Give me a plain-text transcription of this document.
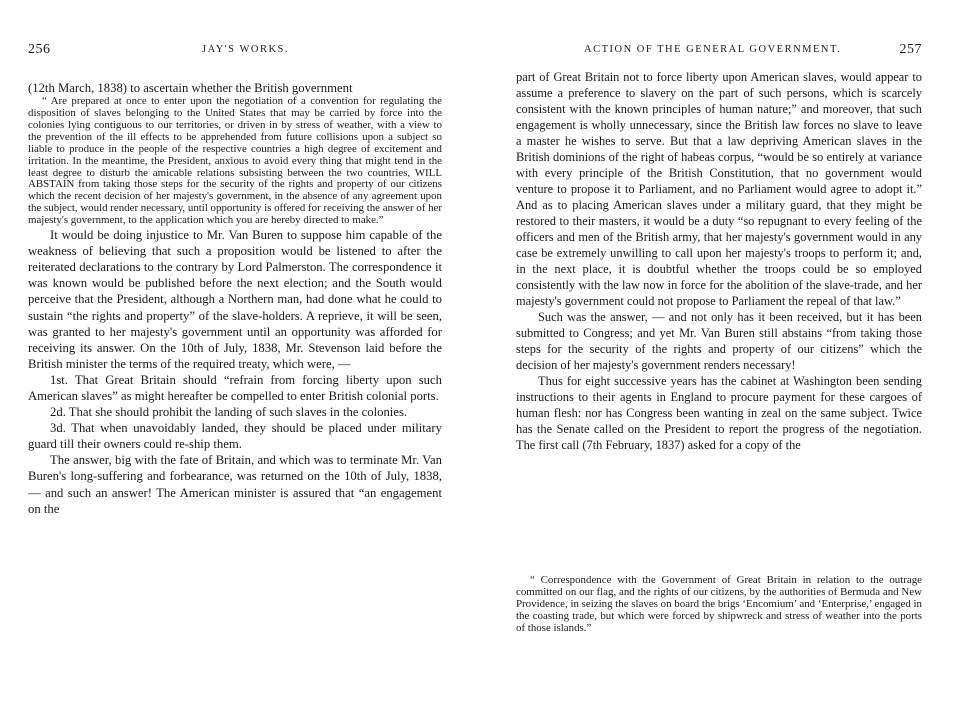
256	JAY'S WORKS.

(12th March, 1838) to ascertain whether the British government

“ Are prepared at once to enter upon the negotiation of a convention for regulating the disposition of slaves belonging to the United States that may be carried by force into the colonies lying contiguous to our territories, or driven in by stress of weather, with a view to the prevention of the ill effects to be apprehended from future collisions upon a subject so liable to produce in the people of the respective countries a high degree of excitement and irritation. In the meantime, the President, anxious to avoid every thing that might tend in the least degree to disturb the amicable relations subsisting between the two countries, WILL ABSTAIN from taking those steps for the security of the rights and property of our citizens which the recent decision of her majesty's government, in the absence of any agreement upon the subject, would render necessary, until opportunity is offered for receiving the answer of her majesty's government, to the application which you are hereby directed to make.”

It would be doing injustice to Mr. Van Buren to suppose him capable of the weakness of believing that such a proposition would be listened to after the reiterated declarations to the contrary by Lord Palmerston. The correspondence it was known would be published before the next election; and the South would perceive that the President, although a Northern man, had done what he could to sustain “the rights and property” of the slave-holders. A reprieve, it will be seen, was granted to her majesty's government until an opportunity was afforded for receiving its answer. On the 10th of July, 1838, Mr. Stevenson laid before the British minister the terms of the required treaty, which were, —

1st. That Great Britain should “refrain from forcing liberty upon such American slaves” as might hereafter be compelled to enter British colonial ports.

2d. That she should prohibit the landing of such slaves in the colonies.

3d. That when unavoidably landed, they should be placed under military guard till their owners could re-ship them.

The answer, big with the fate of Britain, and which was to terminate Mr. Van Buren's long-suffering and forbearance, was returned on the 10th of July, 1838, — and such an answer! The American minister is assured that “an engagement on the

ACTION OF THE GENERAL GOVERNMENT.	257

part of Great Britain not to force liberty upon American slaves, would appear to assume a preference to slavery on the part of such persons, which is scarcely consistent with the known principles of human nature;” and moreover, that such engagement is wholly unnecessary, since the British law forces no slave to leave a master he wishes to serve. But that a law depriving American slaves in the British dominions of the right of habeas corpus, “would be so entirely at variance with every principle of the British Constitution, that no government would venture to propose it to Parliament, and no Parliament would agree to adopt it.” And as to placing American slaves under a military guard, that they might be restored to their masters, it would be a duty “so repugnant to every feeling of the officers and men of the British army, that her majesty's government would in any case be extremely unwilling to call upon her majesty's troops to perform it; and, in the next place, it is doubtful whether the troops could be so employed consistently with the law now in force for the abolition of the slave-trade, and her majesty's government could not propose to Parliament the repeal of that law.”

Such was the answer, — and not only has it been received, but it has been submitted to Congress; and yet Mr. Van Buren still abstains “from taking those steps for the security of the rights and property of our citizens” which the decision of her majesty's government renders necessary!

Thus for eight successive years has the cabinet at Washington been sending instructions to their agents in England to procure payment for these cargoes of human flesh: nor has Congress been wanting in zeal on the same subject. Twice has the Senate called on the President to report the progress of the negotiation. The first call (7th February, 1837) asked for a copy of the

“ Correspondence with the Government of Great Britain in relation to the outrage committed on our flag, and the rights of our citizens, by the authorities of Bermuda and New Providence, in seizing the slaves on board the brigs ‘Encomium’ and ‘Enterprise,’ engaged in the coasting trade, but which were forced by shipwreck and stress of weather into the ports of those islands.”
